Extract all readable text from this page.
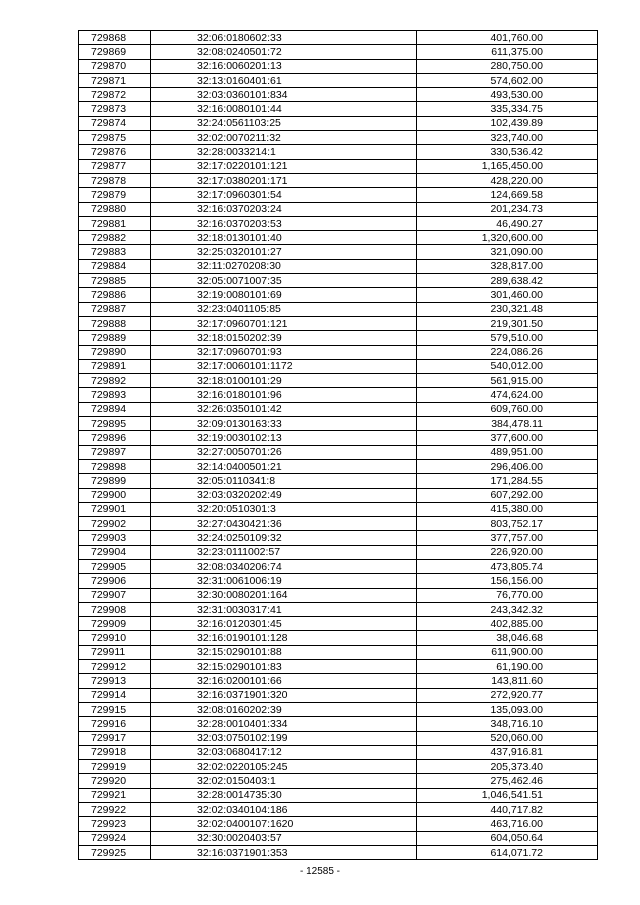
729868	32:06:0180602:33	401,760.00
729869	32:08:0240501:72	611,375.00
729870	32:16:0060201:13	280,750.00
729871	32:13:0160401:61	574,602.00
729872	32:03:0360101:834	493,530.00
729873	32:16:0080101:44	335,334.75
729874	32:24:0561103:25	102,439.89
729875	32:02:0070211:32	323,740.00
729876	32:28:0033214:1	330,536.42
729877	32:17:0220101:121	1,165,450.00
729878	32:17:0380201:171	428,220.00
729879	32:17:0960301:54	124,669.58
729880	32:16:0370203:24	201,234.73
729881	32:16:0370203:53	46,490.27
729882	32:18:0130101:40	1,320,600.00
729883	32:25:0320101:27	321,090.00
729884	32:11:0270208:30	328,817.00
729885	32:05:0071007:35	289,638.42
729886	32:19:0080101:69	301,460.00
729887	32:23:0401105:85	230,321.48
729888	32:17:0960701:121	219,301.50
729889	32:18:0150202:39	579,510.00
729890	32:17:0960701:93	224,086.26
729891	32:17:0060101:1172	540,012.00
729892	32:18:0100101:29	561,915.00
729893	32:16:0180101:96	474,624.00
729894	32:26:0350101:42	609,760.00
729895	32:09:0130163:33	384,478.11
729896	32:19:0030102:13	377,600.00
729897	32:27:0050701:26	489,951.00
729898	32:14:0400501:21	296,406.00
729899	32:05:0110341:8	171,284.55
729900	32:03:0320202:49	607,292.00
729901	32:20:0510301:3	415,380.00
729902	32:27:0430421:36	803,752.17
729903	32:24:0250109:32	377,757.00
729904	32:23:0111002:57	226,920.00
729905	32:08:0340206:74	473,805.74
729906	32:31:0061006:19	156,156.00
729907	32:30:0080201:164	76,770.00
729908	32:31:0030317:41	243,342.32
729909	32:16:0120301:45	402,885.00
729910	32:16:0190101:128	38,046.68
729911	32:15:0290101:88	611,900.00
729912	32:15:0290101:83	61,190.00
729913	32:16:0200101:66	143,811.60
729914	32:16:0371901:320	272,920.77
729915	32:08:0160202:39	135,093.00
729916	32:28:0010401:334	348,716.10
729917	32:03:0750102:199	520,060.00
729918	32:03:0680417:12	437,916.81
729919	32:02:0220105:245	205,373.40
729920	32:02:0150403:1	275,462.46
729921	32:28:0014735:30	1,046,541.51
729922	32:02:0340104:186	440,717.82
729923	32:02:0400107:1620	463,716.00
729924	32:30:0020403:57	604,050.64
729925	32:16:0371901:353	614,071.72
- 12585 -
